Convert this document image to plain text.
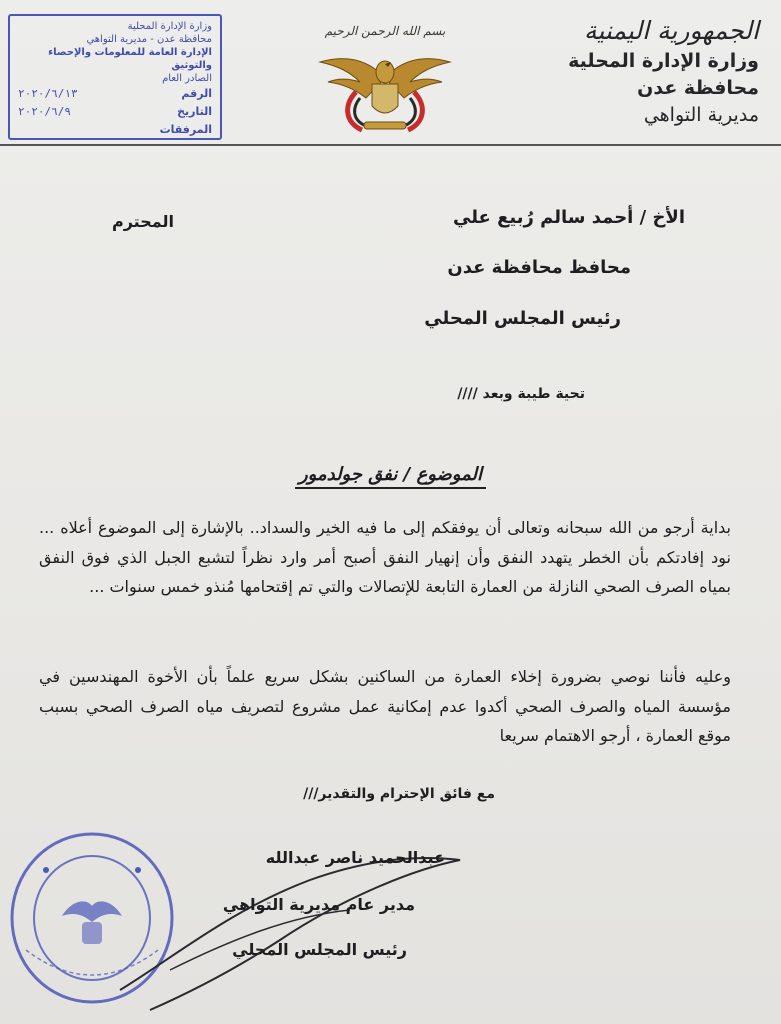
وزارة الإدارة المحلية
محافظة عدن - مديرية التواهي
الإدارة العامة للمعلومات والإحصاء والتوثيق
الصادر العام
الرقم
٢٠٢٠/٦/١٣
التاريخ
٢٠٢٠/٦/٩
المرفقات
بسم الله الرحمن الرحيم	الجمهورية اليمنية
وزارة الإدارة المحلية
محافظة عدن
مديرية التواهي
الأخ / أحمد سالم رُبيع علي
المحترم
محافظ محافظة عدن
رئيس المجلس المحلي
تحية طيبة وبعد ////
الموضوع / نفق جولدمور
بداية أرجو من الله سبحانه وتعالى أن يوفقكم إلى ما فيه الخير والسداد.. بالإشارة إلى الموضوع أعلاه ... نود إفادتكم بأن الخطر يتهدد النفق وأن إنهيار النفق أصبح أمر وارد نظراً لتشبع الجبل الذي فوق النفق بمياه الصرف الصحي النازلة من العمارة التابعة للإتصالات والتي تم إقتحامها مُنذو خمس سنوات ...
وعليه فأننا نوصي بضرورة إخلاء العمارة من الساكنين بشكل سريع علماً بأن الأخوة المهندسين في مؤسسة المياه والصرف الصحي أكدوا عدم إمكانية عمل مشروع لتصريف مياه الصرف الصحي بسبب موقع العمارة ، أرجو الاهتمام سريعا
مع فائق الإحترام والتقدير///
عبدالحميد ناصر عبدالله
مدير عام مديرية التواهي
رئيس المجلس المحلي
